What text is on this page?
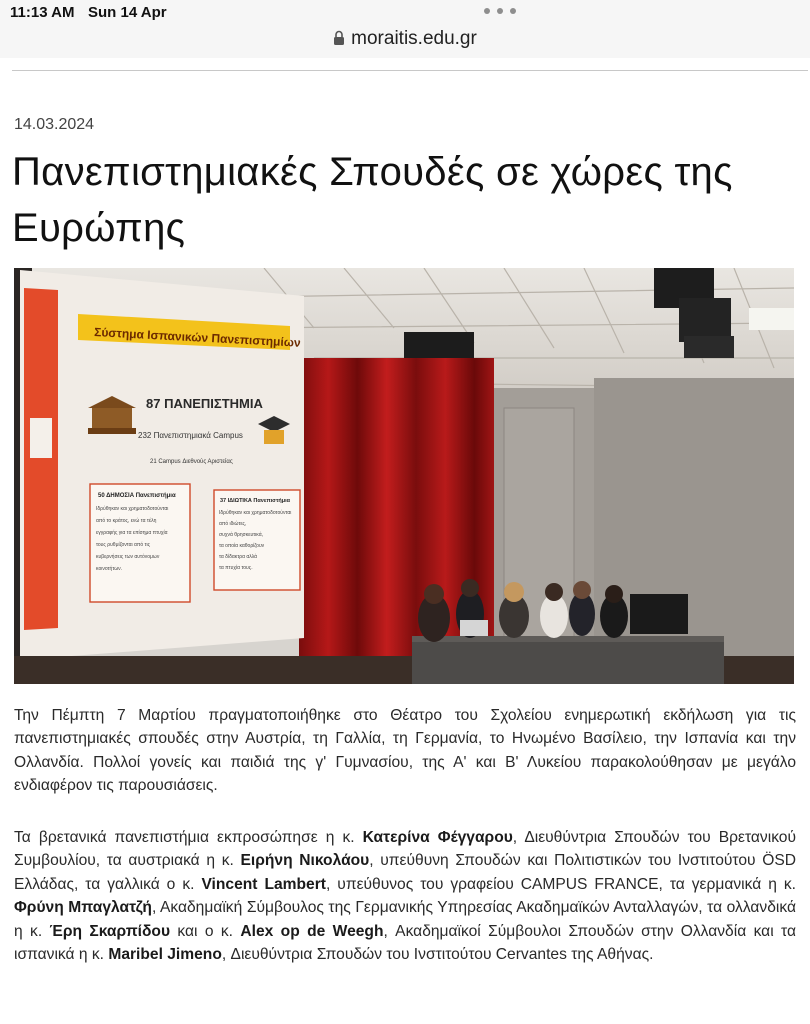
11:13 AM Sun 14 Apr
moraitis.edu.gr
14.03.2024
Πανεπιστημιακές Σπουδές σε χώρες της Ευρώπης
Σύστημα Ισπανικών Πανεπιστημίων
87 ΠΑΝΕΠΙΣΤΗΜΙΑ
232 Πανεπιστημιακά Campus
21 Campus Διεθνούς Αριστείας
50 ΔΗΜΟΣΙΑ Πανεπιστήμια
Ιδρύθηκαν και χρηματοδοτούνται
από το κράτος, ενώ τα τέλη
εγγραφής για τα επίσημα πτυχία
τους ρυθμίζονται από τις
κυβερνήσεις των αυτόνομων
κοινοτήτων.
37 ΙΔΙΩΤΙΚΑ Πανεπιστήμια
Ιδρύθηκαν και χρηματοδοτούνται
από ιδιώτες,
συχνά θρησκευτικά,
τα οποία καθορίζουν
τα δίδακτρα αλλά
τα πτυχία τους.

Την Πέμπτη 7 Μαρτίου πραγματοποιήθηκε στο Θέατρο του Σχολείου ενημερωτική εκδήλωση για τις πανεπιστημιακές σπουδές στην Αυστρία, τη Γαλλία, τη Γερμανία, το Ηνωμένο Βασίλειο, την Ισπανία και την Ολλανδία. Πολλοί γονείς και παιδιά της γ' Γυμνασίου, της Α' και Β' Λυκείου παρακολούθησαν με μεγάλο ενδιαφέρον τις παρουσιάσεις.

Τα βρετανικά πανεπιστήμια εκπροσώπησε η κ. Κατερίνα Φέγγαρου, Διευθύντρια Σπουδών του Βρετανικού Συμβουλίου, τα αυστριακά η κ. Ειρήνη Νικολάου, υπεύθυνη Σπουδών και Πολιτιστικών του Ινστιτούτου ÖSD Ελλάδας, τα γαλλικά ο κ. Vincent Lambert, υπεύθυνος του γραφείου CAMPUS FRANCE, τα γερμανικά η κ. Φρύνη Μπαγλατζή, Ακαδημαϊκή Σύμβουλος της Γερμανικής Υπηρεσίας Ακαδημαϊκών Ανταλλαγών, τα ολλανδικά η κ. Έρη Σκαρπίδου και ο κ. Alex op de Weegh, Ακαδημαϊκοί Σύμβουλοι Σπουδών στην Ολλανδία και τα ισπανικά η κ. Maribel Jimeno, Διευθύντρια Σπουδών του Ινστιτούτου Cervantes της Αθήνας.
